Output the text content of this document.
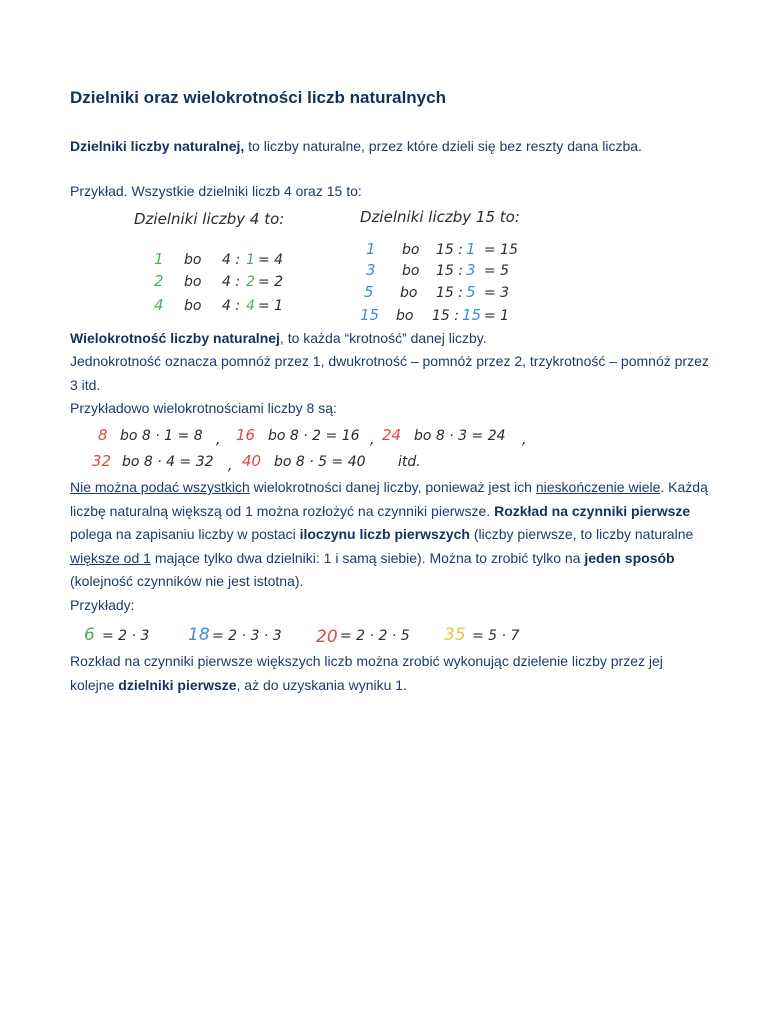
Dzielniki oraz wielokrotności liczb naturalnych
Dzielniki liczby naturalnej, to liczby naturalne, przez które dzieli się bez reszty dana liczba.
Przykład. Wszystkie dzielniki liczb 4 oraz 15 to:
Dzielniki liczby 4 to:
1 bo 4 : 1 = 4
2 bo 4 : 2 = 2
4 bo 4 : 4 = 1
Dzielniki liczby 15 to:
1 bo 15 : 1 = 15
3 bo 15 : 3 = 5
5 bo 15 : 5 = 3
15 bo 15 : 15 = 1
Wielokrotność liczby naturalnej, to każda “krotność” danej liczby.
Jednokrotność oznacza pomnóż przez 1, dwukrotność – pomnóż przez 2, trzykrotność – pomnóż przez 3 itd.
Przykładowo wielokrotnościami liczby 8 są:
8 bo 8 · 1 = 8 , 16 bo 8 · 2 = 16 , 24 bo 8 · 3 = 24 ,
32 bo 8 · 4 = 32 , 40 bo 8 · 5 = 40 itd.
Nie można podać wszystkich wielokrotności danej liczby, ponieważ jest ich nieskończenie wiele. Każdą liczbę naturalną większą od 1 można rozłożyć na czynniki pierwsze. Rozkład na czynniki pierwsze polega na zapisaniu liczby w postaci iloczynu liczb pierwszych (liczby pierwsze, to liczby naturalne większe od 1 mające tylko dwa dzielniki: 1 i samą siebie). Można to zrobić tylko na jeden sposób (kolejność czynników nie jest istotna).
Przykłady:
6 = 2 · 3 18 = 2 · 3 · 3 20 = 2 · 2 · 5 35 = 5 · 7
Rozkład na czynniki pierwsze większych liczb można zrobić wykonując dzielenie liczby przez jej kolejne dzielniki pierwsze, aż do uzyskania wyniku 1.
